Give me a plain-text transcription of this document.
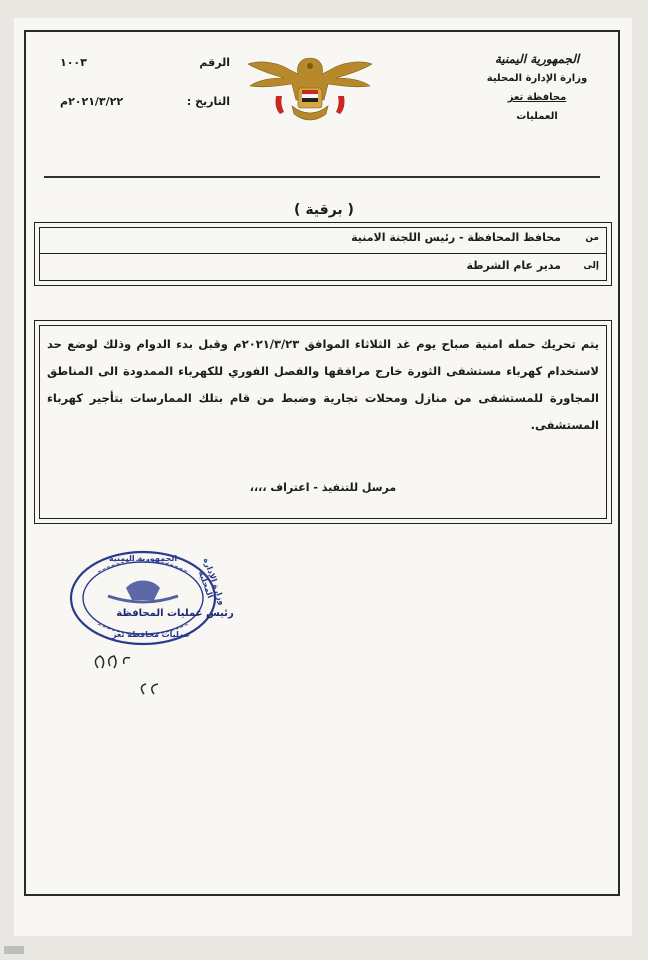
الجمهورية اليمنية
وزارة الإدارة المحلية
محافظة تعز
العمليات
الرقم
١٠٠٣
التاريخ :
٢٠٢١/٣/٢٢م
( برقية )
من
محافظ المحافظة - رئيس اللجنة الامنية
إلى
مدير عام الشرطة

يتم تحريك حمله امنية صباح يوم غد الثلاثاء الموافق ٢٠٢١/٣/٢٣م وقبل بدء الدوام وذلك لوضع حد لاستخدام كهرباء مستشفى الثورة خارج مرافقها والفصل الفوري للكهرباء الممدودة الى المناطق المجاورة للمستشفى من منازل ومحلات تجارية وضبط من قام بتلك الممارسات بتأجير كهرباء المستشفى.

مرسل للتنفيذ - اعتراف ،،،،
الجمهورية اليمنية	وزارة الإدارة المحلية
عمليات محافظة تعز
رئيس عمليات المحافظة
